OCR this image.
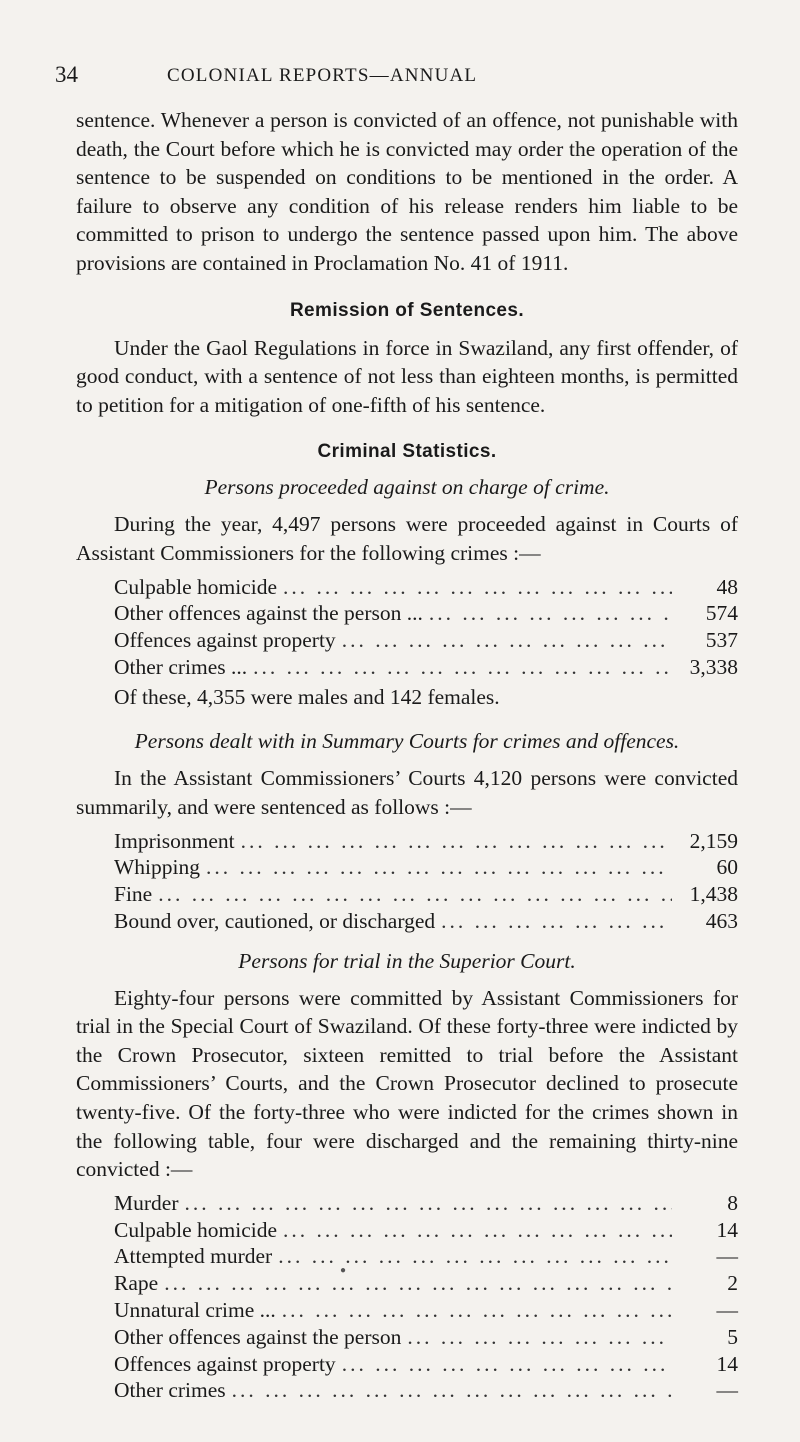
34	COLONIAL REPORTS—ANNUAL

sentence. Whenever a person is convicted of an offence, not punishable with death, the Court before which he is convicted may order the operation of the sentence to be suspended on conditions to be mentioned in the order. A failure to observe any condition of his release renders him liable to be committed to prison to undergo the sentence passed upon him. The above provisions are contained in Proclamation No. 41 of 1911.

Remission of Sentences.

Under the Gaol Regulations in force in Swaziland, any first offender, of good conduct, with a sentence of not less than eighteen months, is permitted to petition for a mitigation of one-fifth of his sentence.

Criminal Statistics.
Persons proceeded against on charge of crime.

During the year, 4,497 persons were proceeded against in Courts of Assistant Commissioners for the following crimes :—

Culpable homicide ... .	48
Other offences against the person ... ... .	574
Offences against property ... .	537
Other crimes ... ... .	3,338

Of these, 4,355 were males and 142 females.

Persons dealt with in Summary Courts for crimes and offences.

In the Assistant Commissioners’ Courts 4,120 persons were convicted summarily, and were sentenced as follows :—

Imprisonment ... .	2,159
Whipping ... .	60
Fine ... .	1,438
Bound over, cautioned, or discharged ... .	463
Persons for trial in the Superior Court.

Eighty-four persons were committed by Assistant Commissioners for trial in the Special Court of Swaziland. Of these forty-three were indicted by the Crown Prosecutor, sixteen remitted to trial before the Assistant Commissioners’ Courts, and the Crown Prosecutor declined to prosecute twenty-five. Of the forty-three who were indicted for the crimes shown in the following table, four were discharged and the remaining thirty-nine convicted :—

Murder ... .	8
Culpable homicide ... .	14
Attempted murder ... .	—
Rape ... .	2
Unnatural crime ... ... .	—
Other offences against the person ... .	5
Offences against property ... .	14
Other crimes ... .	—
●
